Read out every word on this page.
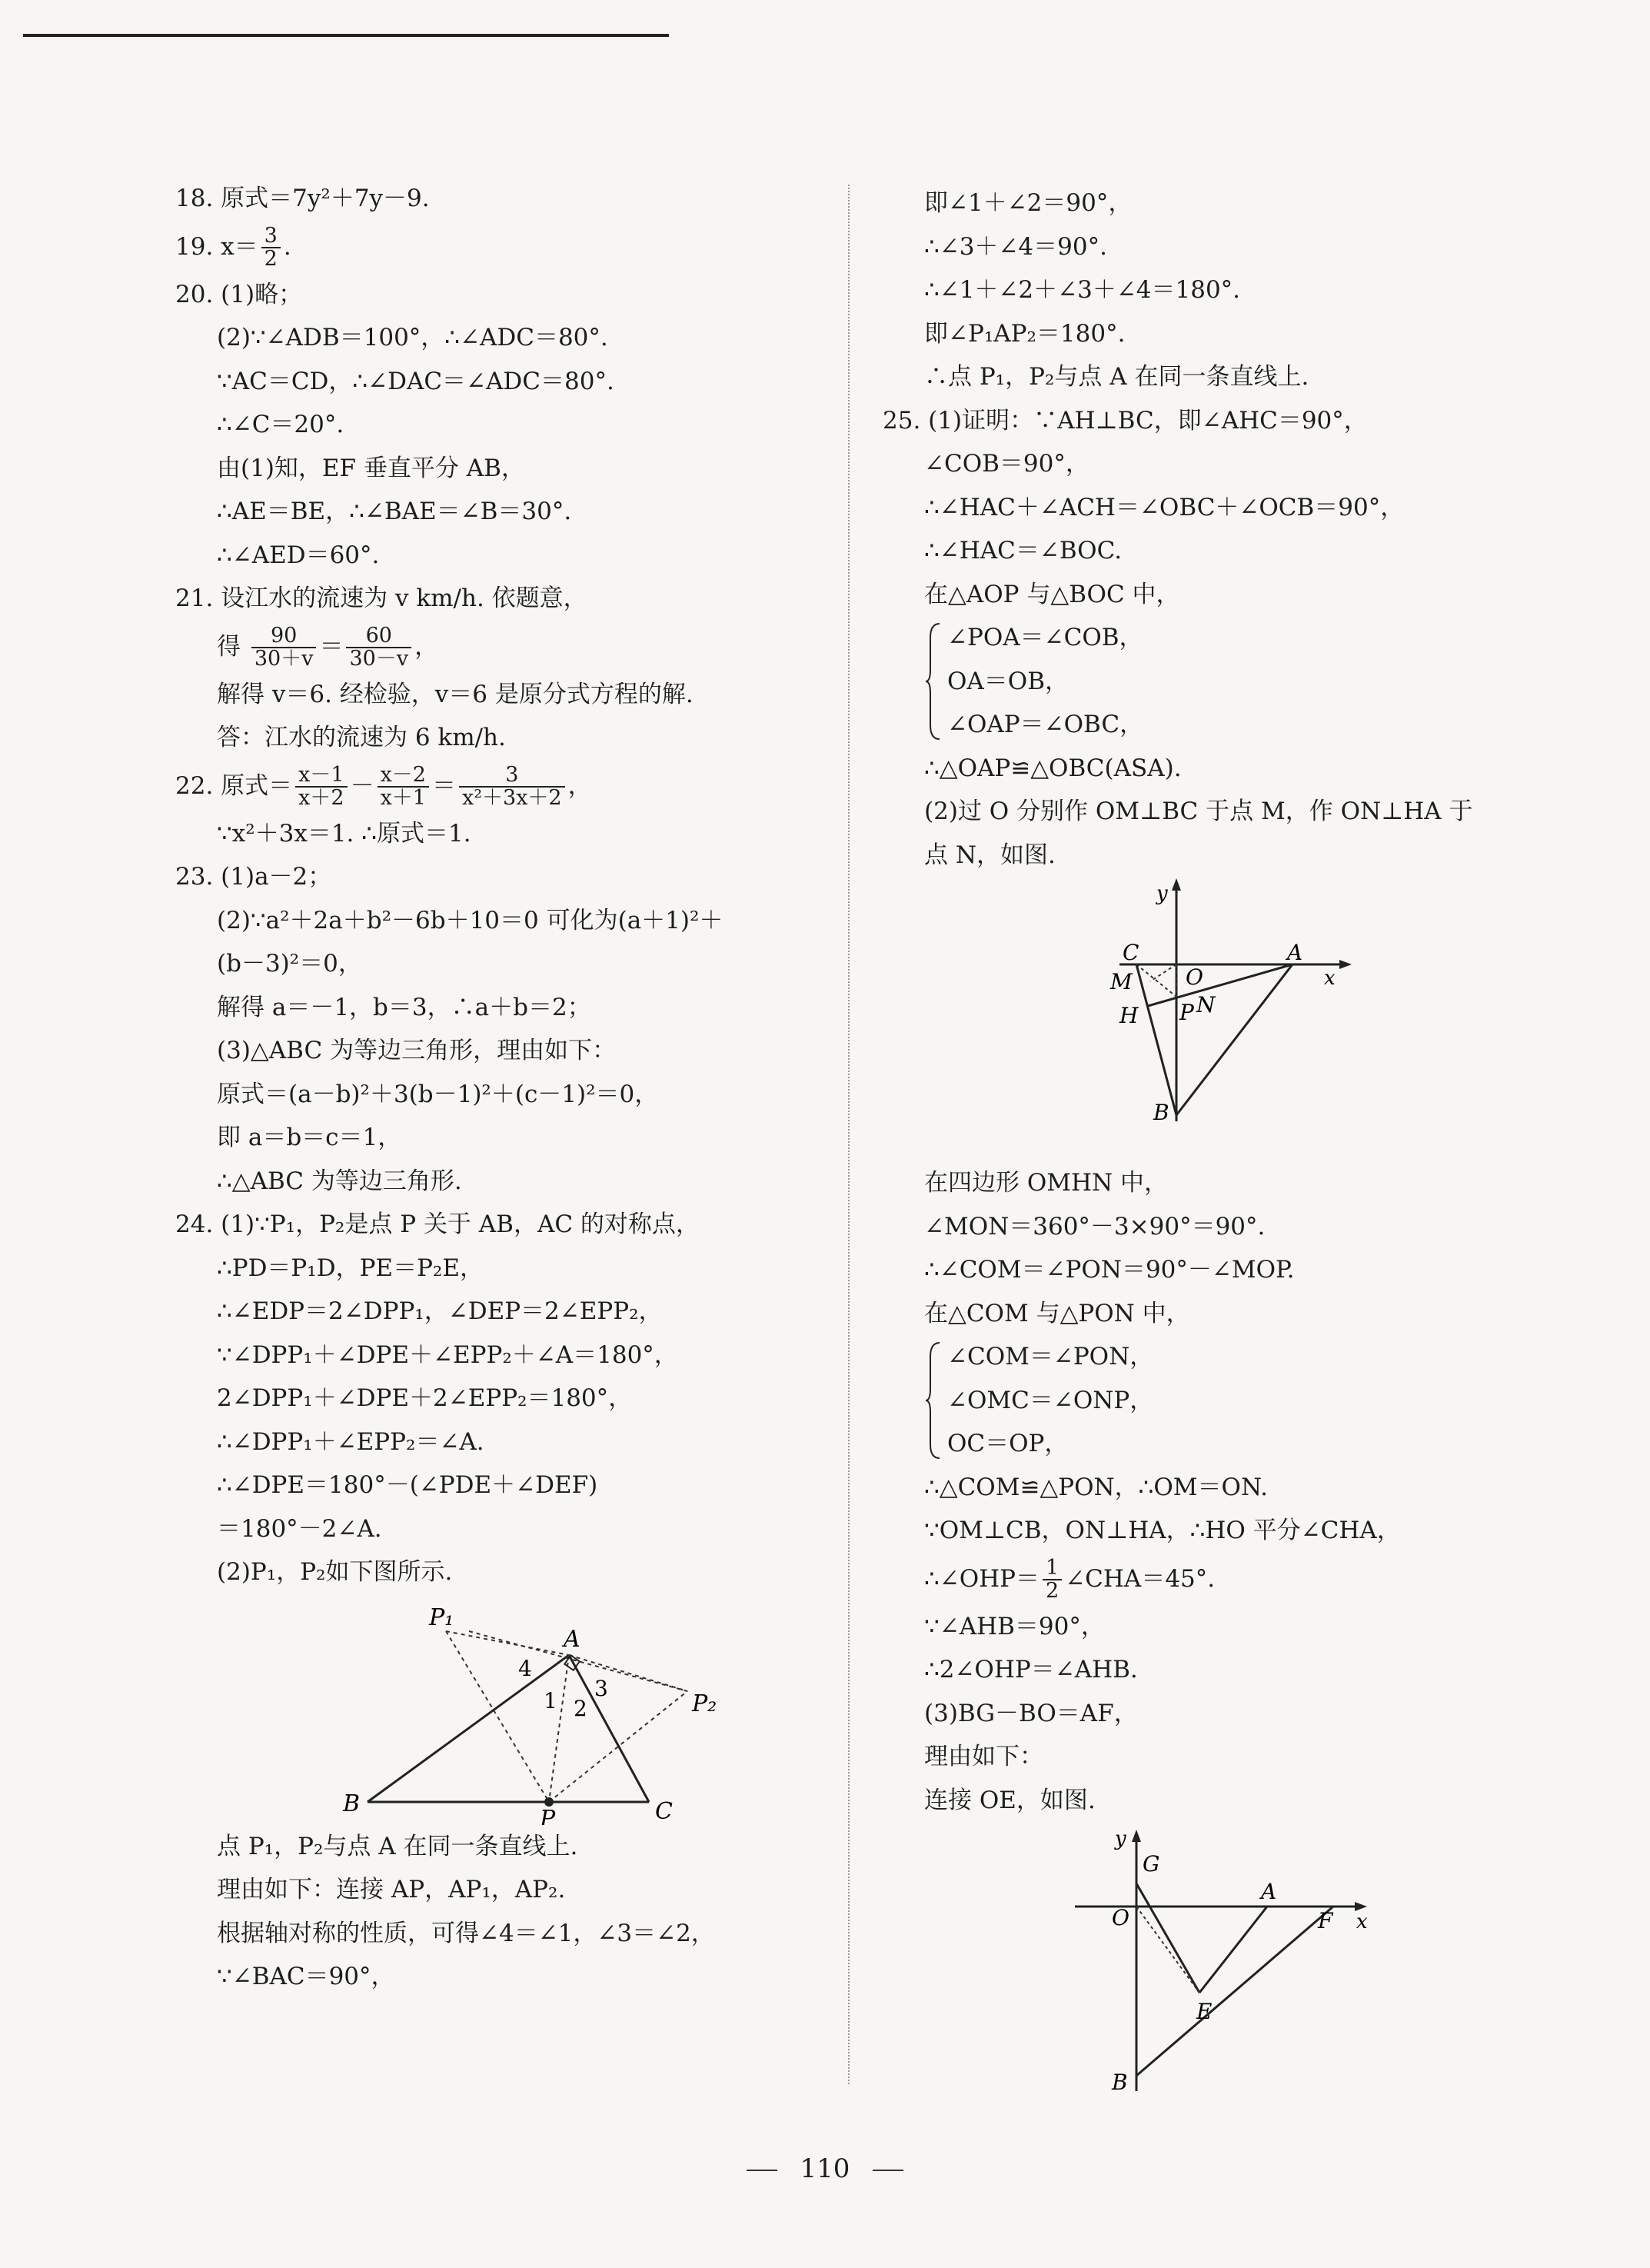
18. 原式＝7y²＋7y－9.
19. $x= \frac{3}{2}$ .
20. (1)略；
(2)∵∠ADB＝100°，∴∠ADC＝80°.
∵AC＝CD，∴∠DAC＝∠ADC＝80°.
∴∠C＝20°.
由(1)知，EF 垂直平分 AB，
∴AE＝BE，∴∠BAE＝∠B＝30°.
∴∠AED＝60°.
21. 设江水的流速为 v km/h. 依题意，
得 $\frac{90}{30+v} = \frac{60}{30-v}$ ，
解得 v＝6. 经检验，v＝6 是原分式方程的解.
答：江水的流速为 6 km/h.
22. 原式＝ $\frac{x-1}{x+2} - \frac{x-2}{x+1} = \frac{3}{\text{x²＋3x＋2}}$ ，
∵x²＋3x＝1. ∴原式＝1.
23. (1)a－2；
(2)∵a²＋2a＋b²－6b＋10＝0 可化为(a＋1)²＋
(b－3)²＝0，
解得 a＝－1，b＝3，∴a＋b＝2；
(3)△ABC 为等边三角形，理由如下：
原式＝(a－b)²＋3(b－1)²＋(c－1)²＝0，
即 a＝b＝c＝1，
∴△ABC 为等边三角形.
24. (1)∵P₁，P₂是点 P 关于 AB，AC 的对称点，
∴PD＝P₁D，PE＝P₂E，
∴∠EDP＝2∠DPP₁，∠DEP＝2∠EPP₂，
∵∠DPP₁＋∠DPE＋∠EPP₂＋∠A＝180°，
2∠DPP₁＋∠DPE＋2∠EPP₂＝180°，
∴∠DPP₁＋∠EPP₂＝∠A.
∴∠DPE＝180°－(∠PDE＋∠DEF)
＝180°－2∠A.
(2)P₁，P₂如下图所示.
P₁
A
P₂
B	C
P
1 2
3
4
点 P₁，P₂与点 A 在同一条直线上.
理由如下：连接 AP，AP₁，AP₂.
根据轴对称的性质，可得∠4＝∠1，∠3＝∠2，
∵∠BAC＝90°，
即∠1＋∠2＝90°，
∴∠3＋∠4＝90°.
∴∠1＋∠2＋∠3＋∠4＝180°.
即∠P₁AP₂＝180°.
∴点 P₁，P₂与点 A 在同一条直线上.
25. (1)证明：∵AH⊥BC，即∠AHC＝90°，
∠COB＝90°，
∴∠HAC＋∠ACH＝∠OBC＋∠OCB＝90°，
∴∠HAC＝∠BOC.
在△AOP 与△BOC 中，
∠POA＝∠COB，
OA＝OB，
∠OAP＝∠OBC，
∴△OAP≌△OBC(ASA).
(2)过 O 分别作 OM⊥BC 于点 M，作 ON⊥HA 于
点 N，如图.
y
C	A
x
M O
N
H P
B
在四边形 OMHN 中，
∠MON＝360°－3×90°＝90°.
∴∠COM＝∠PON＝90°－∠MOP.
在△COM 与△PON 中，
∠COM＝∠PON，
∠OMC＝∠ONP，
OC＝OP，
∴△COM≌△PON，∴OM＝ON.
∵OM⊥CB，ON⊥HA，∴HO 平分∠CHA，
∴∠OHP＝ $\frac{1}{2}$ ∠CHA＝45°.
∵∠AHB＝90°，
∴2∠OHP＝∠AHB.
(3)BG－BO＝AF，
理由如下：
连接 OE，如图.
y
G
A
O	F x
E
B
110
